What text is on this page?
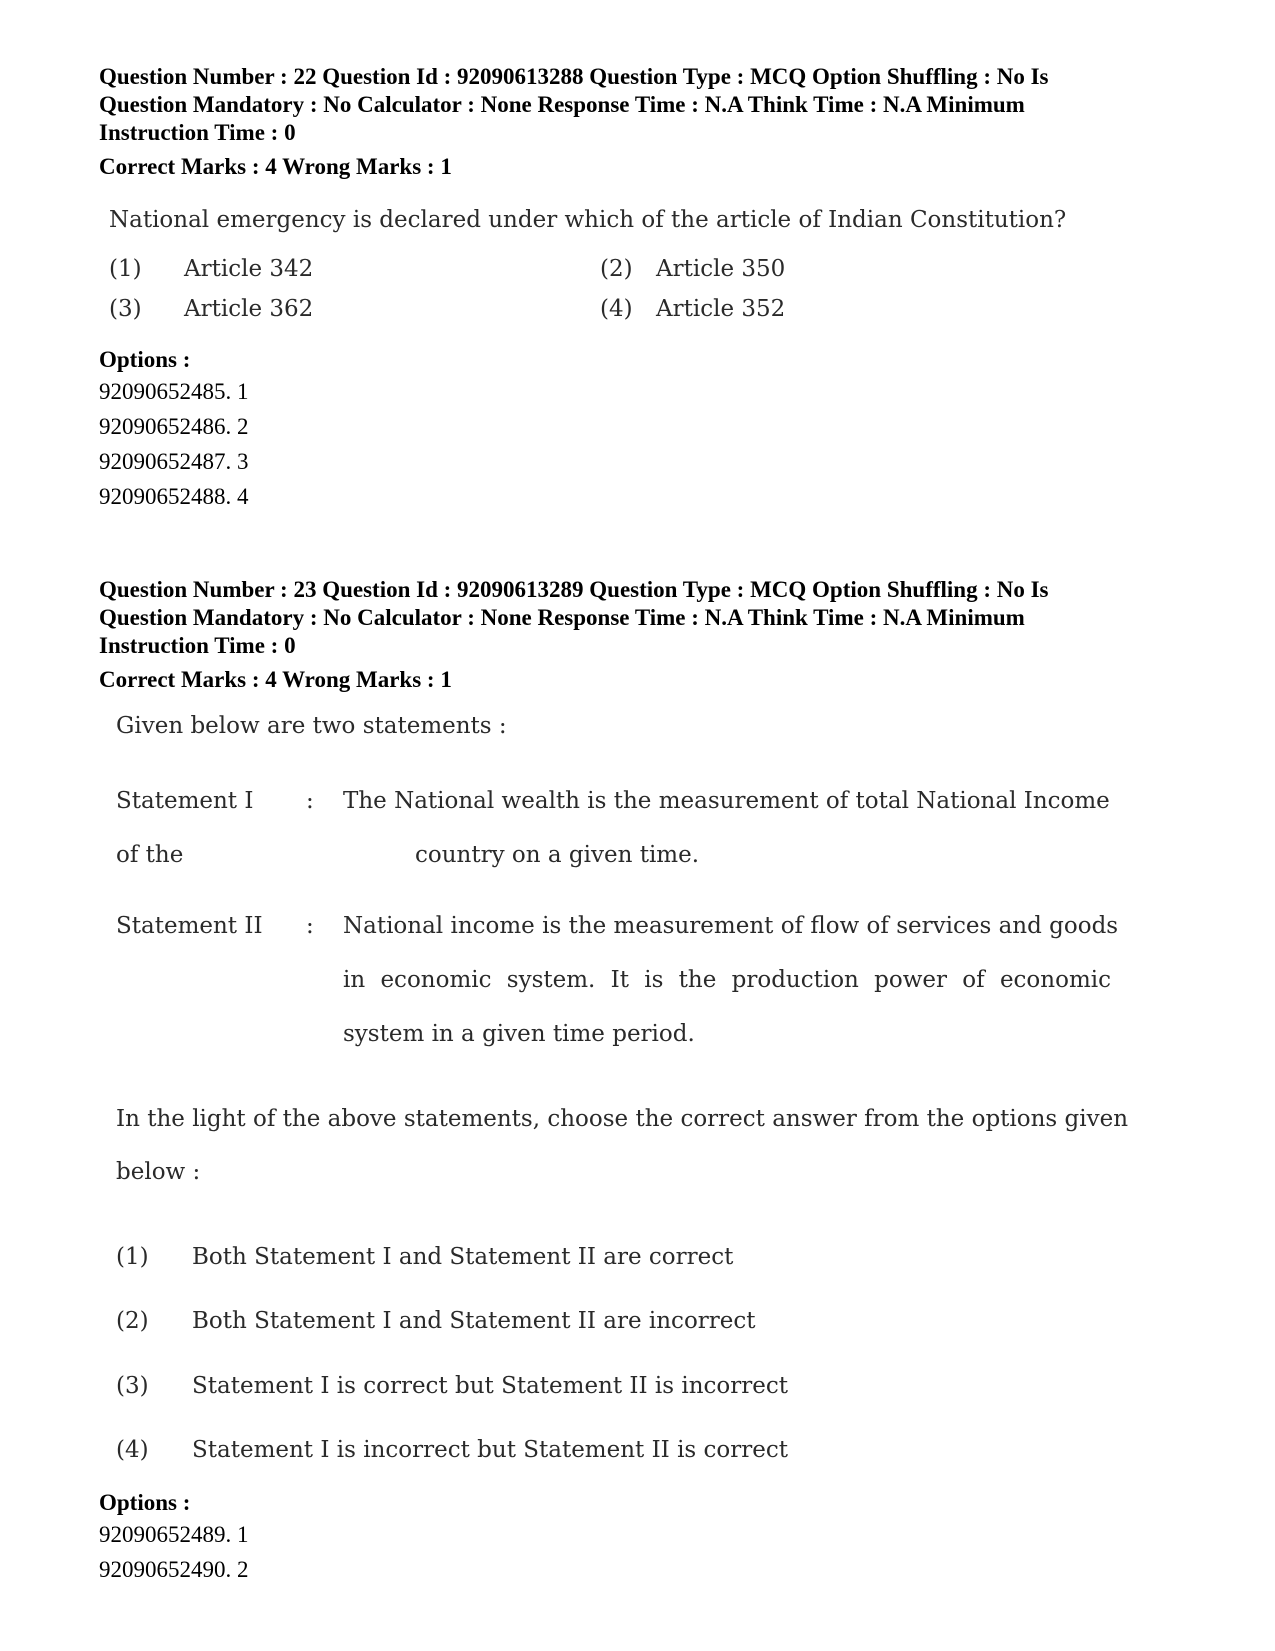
Question Number : 22 Question Id : 92090613288 Question Type : MCQ Option Shuffling : No Is

Question Mandatory : No Calculator : None Response Time : N.A Think Time : N.A Minimum

Instruction Time : 0

Correct Marks : 4 Wrong Marks : 1

National emergency is declared under which of the article of Indian Constitution?
(1) Article 342	(2) Article 350
(3) Article 362	(4) Article 352
Options :
92090652485. 1
92090652486. 2
92090652487. 3
92090652488. 4

Question Number : 23 Question Id : 92090613289 Question Type : MCQ Option Shuffling : No Is

Question Mandatory : No Calculator : None Response Time : N.A Think Time : N.A Minimum

Instruction Time : 0

Correct Marks : 4 Wrong Marks : 1

Given below are two statements :
Statement I : The National wealth is the measurement of total National Income
of the	country on a given time.
Statement II : National income is the measurement of flow of services and goods
in economic system. It is the production power of economic
system in a given time period.
In the light of the above statements, choose the correct answer from the options given
below :
(1) Both Statement I and Statement II are correct
(2) Both Statement I and Statement II are incorrect
(3) Statement I is correct but Statement II is incorrect
(4) Statement I is incorrect but Statement II is correct
Options :
92090652489. 1
92090652490. 2
